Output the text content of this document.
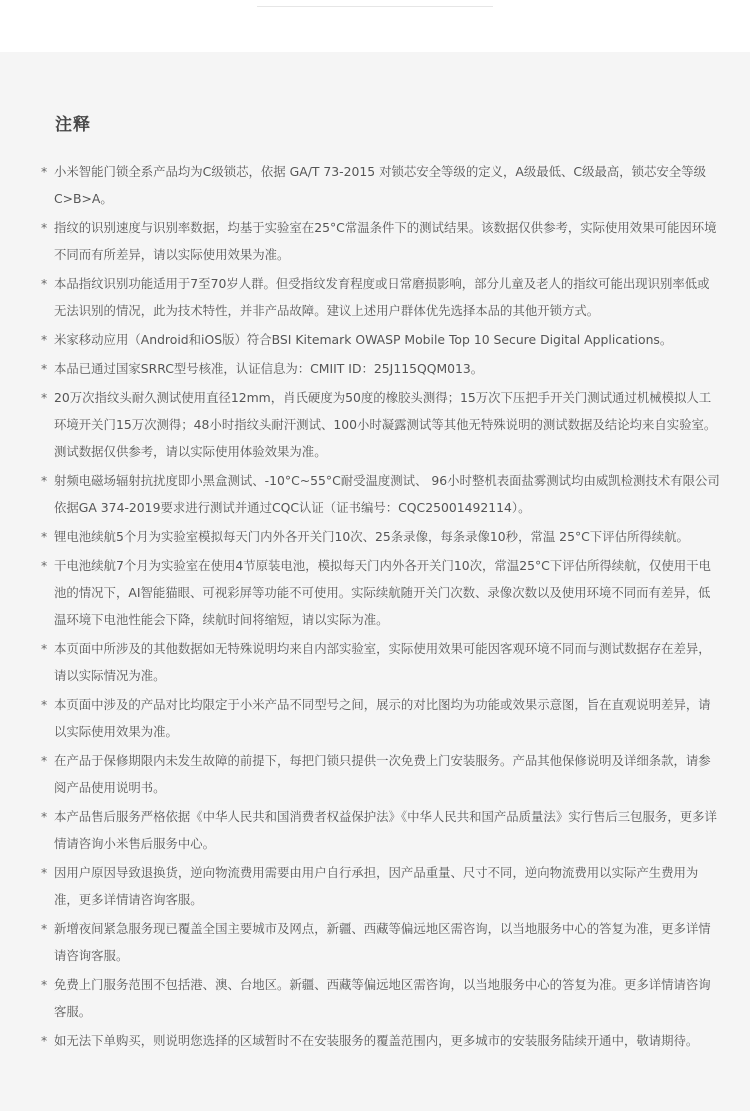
注释
* 小米智能门锁全系产品均为C级锁芯，依据 GA/T 73-2015 对锁芯安全等级的定义，A级最低、C级最高，锁芯安全等级 C>B>A。
* 指纹的识别速度与识别率数据，均基于实验室在25°C常温条件下的测试结果。该数据仅供参考，实际使用效果可能因环境不同而有所差异，请以实际使用效果为准。
* 本品指纹识别功能适用于7至70岁人群。但受指纹发育程度或日常磨损影响，部分儿童及老人的指纹可能出现识别率低或无法识别的情况，此为技术特性，并非产品故障。建议上述用户群体优先选择本品的其他开锁方式。
* 米家移动应用（Android和iOS版）符合BSI Kitemark OWASP Mobile Top 10 Secure Digital Applications。
* 本品已通过国家SRRC型号核准，认证信息为：CMIIT ID：25J115QQM013。
* 20万次指纹头耐久测试使用直径12mm，肖氏硬度为50度的橡胶头测得；15万次下压把手开关门测试通过机械模拟人工环境开关门15万次测得；48小时指纹头耐汗测试、100小时凝露测试等其他无特殊说明的测试数据及结论均来自实验室。测试数据仅供参考，请以实际使用体验效果为准。
* 射频电磁场辐射抗扰度即小黑盒测试、-10°C~55°C耐受温度测试、 96小时整机表面盐雾测试均由威凯检测技术有限公司依据GA 374-2019要求进行测试并通过CQC认证（证书编号：CQC25001492114）。
* 锂电池续航5个月为实验室模拟每天门内外各开关门10次、25条录像，每条录像10秒，常温 25°C下评估所得续航。
* 干电池续航7个月为实验室在使用4节原装电池，模拟每天门内外各开关门10次，常温25°C下评估所得续航，仅使用干电池的情况下，AI智能猫眼、可视彩屏等功能不可使用。实际续航随开关门次数、录像次数以及使用环境不同而有差异，低温环境下电池性能会下降，续航时间将缩短，请以实际为准。
* 本页面中所涉及的其他数据如无特殊说明均来自内部实验室，实际使用效果可能因客观环境不同而与测试数据存在差异，请以实际情况为准。
* 本页面中涉及的产品对比均限定于小米产品不同型号之间，展示的对比图均为功能或效果示意图，旨在直观说明差异，请以实际使用效果为准。
* 在产品于保修期限内未发生故障的前提下，每把门锁只提供一次免费上门安装服务。产品其他保修说明及详细条款，请参阅产品使用说明书。
* 本产品售后服务严格依据《中华人民共和国消费者权益保护法》《中华人民共和国产品质量法》实行售后三包服务，更多详情请咨询小米售后服务中心。
* 因用户原因导致退换货，逆向物流费用需要由用户自行承担，因产品重量、尺寸不同，逆向物流费用以实际产生费用为准，更多详情请咨询客服。
* 新增夜间紧急服务现已覆盖全国主要城市及网点，新疆、西藏等偏远地区需咨询，以当地服务中心的答复为准，更多详情请咨询客服。
* 免费上门服务范围不包括港、澳、台地区。新疆、西藏等偏远地区需咨询，以当地服务中心的答复为准。更多详情请咨询客服。
* 如无法下单购买，则说明您选择的区域暂时不在安装服务的覆盖范围内，更多城市的安装服务陆续开通中，敬请期待。
